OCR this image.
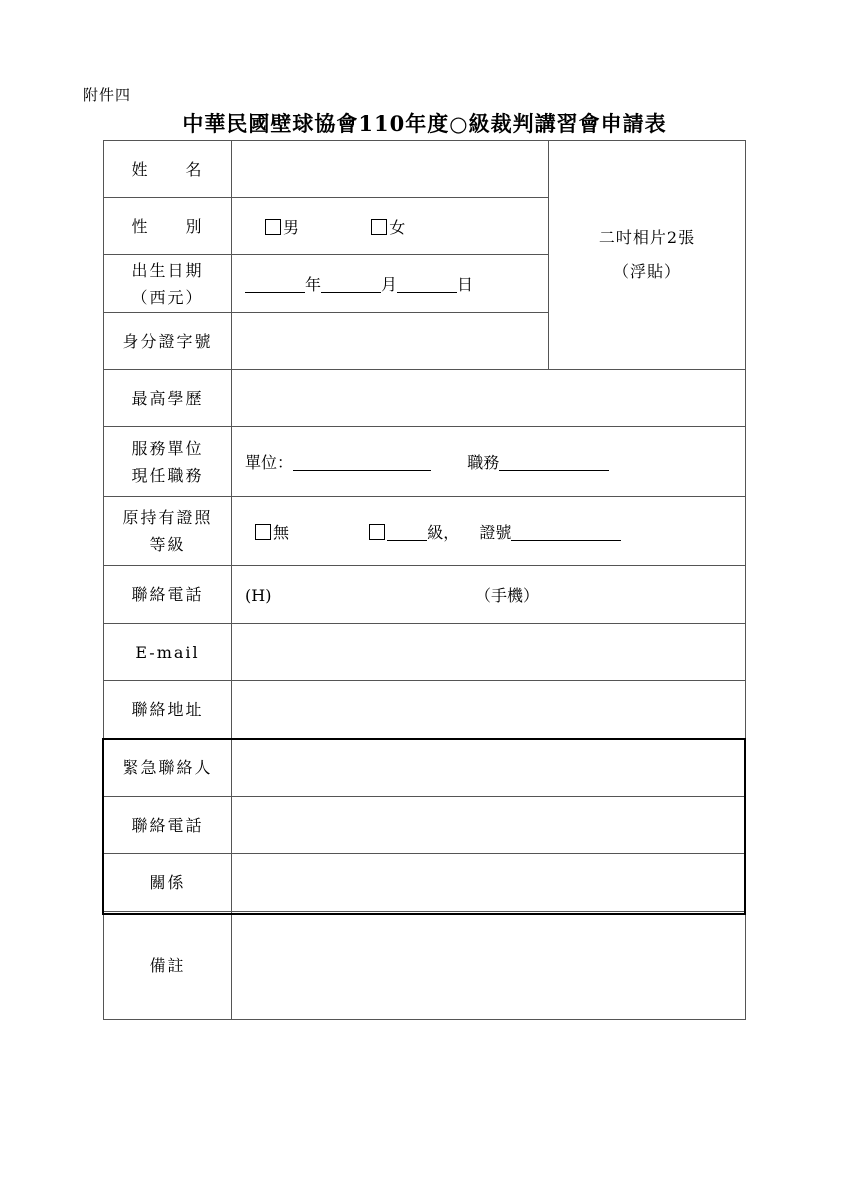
附件四
中華民國壁球協會110年度○級裁判講習會申請表
姓　　名		二吋相片2張
（浮貼）

性　　別	男 女	

出生日期
（西元）	年 月 日	
身分證字號		
最高學歷		

服務單位
現任職務	單位： 職務	

原持有證照
等級	無 級， 證號	
聯絡電話	(H) （手機）	
E-mail		
聯絡地址		
緊急聯絡人		
聯絡電話		
關係		
備註		
